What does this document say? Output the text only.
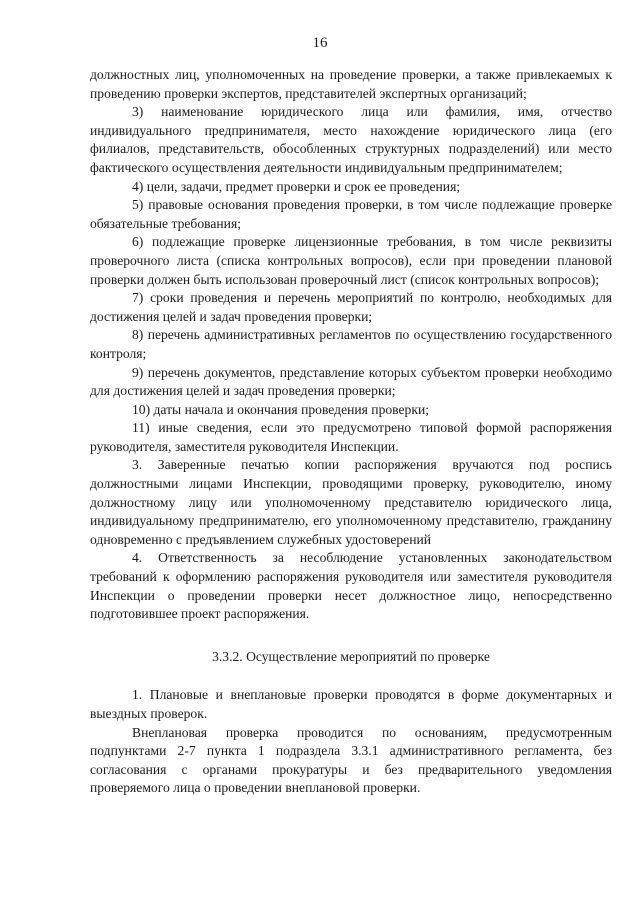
16

должностных лиц, уполномоченных на проведение проверки, а также привлекаемых к проведению проверки экспертов, представителей экспертных организаций;

3) наименование юридического лица или фамилия, имя, отчество индивидуального предпринимателя, место нахождение юридического лица (его филиалов, представительств, обособленных структурных подразделений) или место фактического осуществления деятельности индивидуальным предпринимателем;

4) цели, задачи, предмет проверки и срок ее проведения;

5) правовые основания проведения проверки, в том числе подлежащие проверке обязательные требования;

6) подлежащие проверке лицензионные требования, в том числе реквизиты проверочного листа (списка контрольных вопросов), если при проведении плановой проверки должен быть использован проверочный лист (список контрольных вопросов);

7) сроки проведения и перечень мероприятий по контролю, необходимых для достижения целей и задач проведения проверки;

8) перечень административных регламентов по осуществлению государственного контроля;

9) перечень документов, представление которых субъектом проверки необходимо для достижения целей и задач проведения проверки;

10) даты начала и окончания проведения проверки;

11) иные сведения, если это предусмотрено типовой формой распоряжения руководителя, заместителя руководителя Инспекции.

3. Заверенные печатью копии распоряжения вручаются под роспись должностными лицами Инспекции, проводящими проверку, руководителю, иному должностному лицу или уполномоченному представителю юридического лица, индивидуальному предпринимателю, его уполномоченному представителю, гражданину одновременно с предъявлением служебных удостоверений

4. Ответственность за несоблюдение установленных законодательством требований к оформлению распоряжения руководителя или заместителя руководителя Инспекции о проведении проверки несет должностное лицо, непосредственно подготовившее проект распоряжения.

3.3.2. Осуществление мероприятий по проверке

1. Плановые и внеплановые проверки проводятся в форме документарных и выездных проверок.

Внеплановая проверка проводится по основаниям, предусмотренным подпунктами 2-7 пункта 1 подраздела 3.3.1 административного регламента, без согласования с органами прокуратуры и без предварительного уведомления проверяемого лица о проведении внеплановой проверки.
